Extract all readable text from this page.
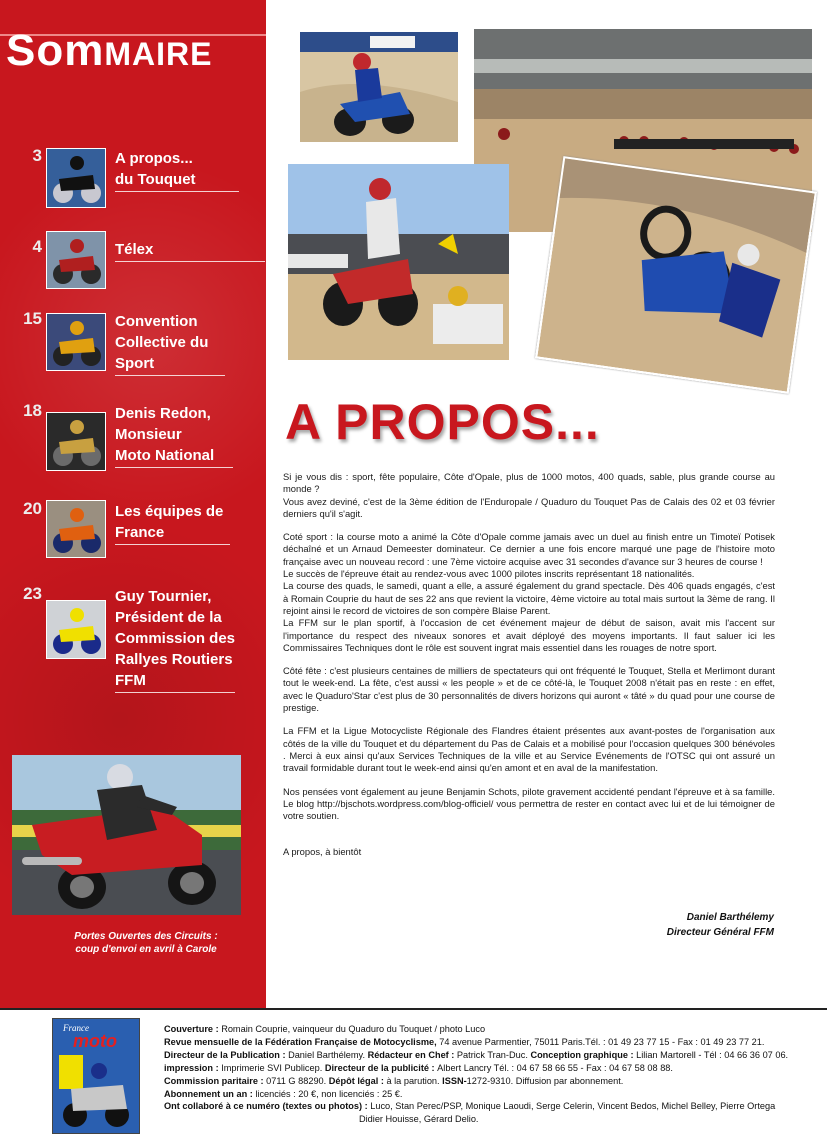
SomMAIRE
3	A propos...
du Touquet
4	Télex
15	Convention
Collective du
Sport
18	Denis Redon,
Monsieur
Moto National
20	Les équipes de
France
23	Guy Tournier,
Président de la
Commission des
Rallyes Routiers
FFM
Portes Ouvertes des Circuits :
coup d'envoi en avril à Carole
A PROPOS...

Si je vous dis : sport, fête populaire, Côte d'Opale, plus de 1000 motos, 400 quads, sable, plus grande course au monde ?
Vous avez deviné, c'est de la 3ème édition de l'Enduropale / Quaduro du Touquet Pas de Calais des 02 et 03 février derniers qu'il s'agit.

Coté sport : la course moto a animé la Côte d'Opale comme jamais avec un duel au finish entre un Timoteï Potisek déchaîné et un Arnaud Demeester dominateur. Ce dernier a une fois encore marqué une page de l'histoire moto française avec un nouveau record : une 7ème victoire acquise avec 31 secondes d'avance sur 3 heures de course !
Le succès de l'épreuve était au rendez-vous avec 1000 pilotes inscrits représentant 18 nationalités.
La course des quads, le samedi, quant a elle, a assuré également du grand spectacle. Dès 406 quads engagés, c'est à Romain Couprie du haut de ses 22 ans que revient la victoire, 4ème victoire au total mais surtout la 3ème de rang. Il rejoint ainsi le record de victoires de son compère Blaise Parent.
La FFM sur le plan sportif, à l'occasion de cet événement majeur de début de saison, avait mis l'accent sur l'importance du respect des niveaux sonores et avait déployé des moyens importants. Il faut saluer ici les Commissaires Techniques dont le rôle est souvent ingrat mais essentiel dans les rouages de notre sport.

Côté fête : c'est plusieurs centaines de milliers de spectateurs qui ont fréquenté le Touquet, Stella et Merlimont durant tout le week-end. La fête, c'est aussi « les people » et de ce côté-là, le Touquet 2008 n'était pas en reste : en effet, avec le Quaduro'Star c'est plus de 30 personnalités de divers horizons qui auront « tâté » du quad pour une course de prestige.

La FFM et la Ligue Motocycliste Régionale des Flandres étaient présentes aux avant-postes de l'organisation aux côtés de la ville du Touquet et du département du Pas de Calais et a mobilisé pour l'occasion quelques 300 bénévoles . Merci à eux ainsi qu'aux Services Techniques de la ville et au Service Evénements de l'OTSC qui ont assuré un travail formidable durant tout le week-end ainsi qu'en amont et en aval de la manifestation.

Nos pensées vont également au jeune Benjamin Schots, pilote gravement accidenté pendant l'épreuve et à sa famille. Le blog http://bjschots.wordpress.com/blog-officiel/ vous permettra de rester en contact avec lui et de lui témoigner de votre soutien.

A propos, à bientôt

Daniel Barthélemy
Directeur Général FFM
France
moto
Couverture : Romain Couprie, vainqueur du Quaduro du Touquet / photo Luco
Revue mensuelle de la Fédération Française de Motocyclisme, 74 avenue Parmentier, 75011 Paris.Tél. : 01 49 23 77 15 - Fax : 01 49 23 77 21.
Directeur de la Publication : Daniel Barthélemy. Rédacteur en Chef : Patrick Tran-Duc. Conception graphique : Lilian Martorell - Tél : 04 66 36 07 06.
impression : Imprimerie SVI Publicep. Directeur de la publicité : Albert Lancry Tél. : 04 67 58 66 55 - Fax : 04 67 58 08 88.
Commission paritaire : 0711 G 88290. Dépôt légal : à la parution. ISSN-1272-9310. Diffusion par abonnement.
Abonnement un an : licenciés : 20 €, non licenciés : 25 €.
Ont collaboré à ce numéro (textes ou photos) : Luco, Stan Perec/PSP, Monique Laoudi, Serge Celerin, Vincent Bedos, Michel Belley, Pierre Ortega
Didier Houisse, Gérard Delio.
